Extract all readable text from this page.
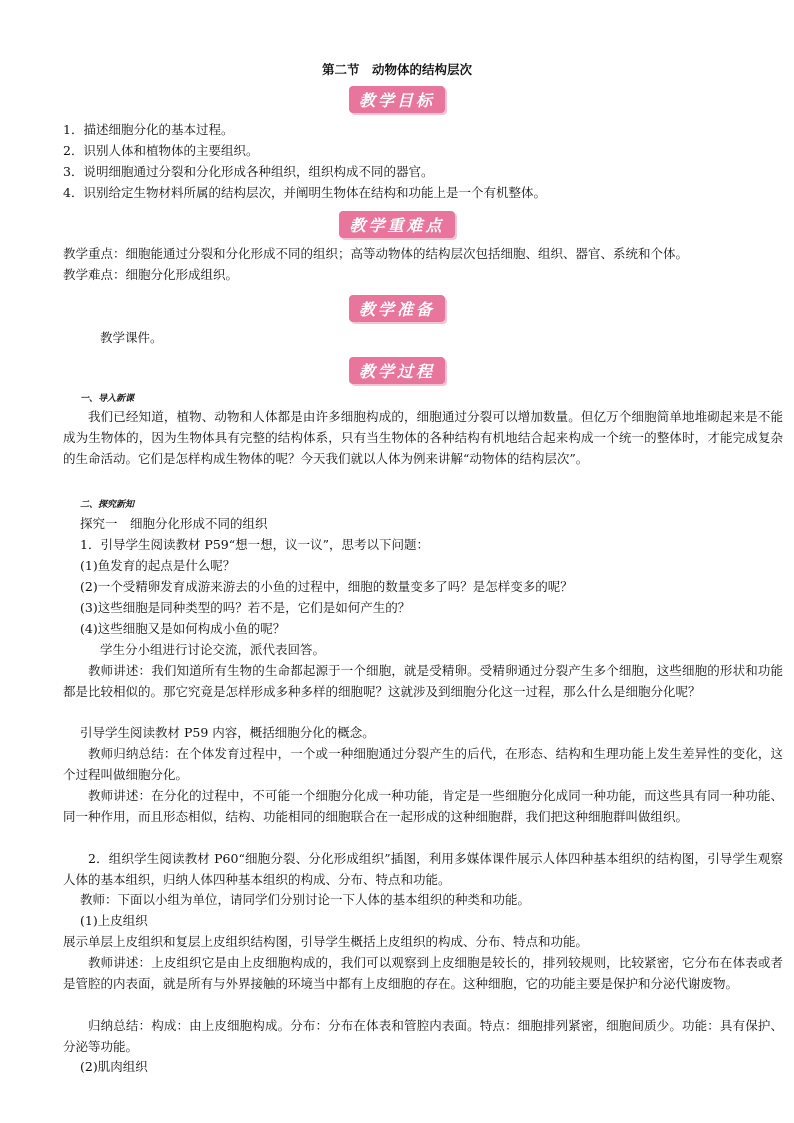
第二节　动物体的结构层次
教学目标
1．描述细胞分化的基本过程。
2．识别人体和植物体的主要组织。
3．说明细胞通过分裂和分化形成各种组织，组织构成不同的器官。
4．识别给定生物材料所属的结构层次，并阐明生物体在结构和功能上是一个有机整体。
教学重难点
教学重点：细胞能通过分裂和分化形成不同的组织；高等动物体的结构层次包括细胞、组织、器官、系统和个体。
教学难点：细胞分化形成组织。
教学准备
教学课件。
教学过程
一、导入新课
我们已经知道，植物、动物和人体都是由许多细胞构成的，细胞通过分裂可以增加数量。但亿万个细胞简单地堆砌起来是不能成为生物体的，因为生物体具有完整的结构体系，只有当生物体的各种结构有机地结合起来构成一个统一的整体时，才能完成复杂的生命活动。它们是怎样构成生物体的呢？今天我们就以人体为例来讲解“动物体的结构层次”。
二、探究新知
探究一　细胞分化形成不同的组织
1．引导学生阅读教材 P59“想一想，议一议”，思考以下问题：
(1)鱼发育的起点是什么呢？
(2)一个受精卵发育成游来游去的小鱼的过程中，细胞的数量变多了吗？是怎样变多的呢？
(3)这些细胞是同种类型的吗？若不是，它们是如何产生的？
(4)这些细胞又是如何构成小鱼的呢？
学生分小组进行讨论交流，派代表回答。
教师讲述：我们知道所有生物的生命都起源于一个细胞，就是受精卵。受精卵通过分裂产生多个细胞，这些细胞的形状和功能都是比较相似的。那它究竟是怎样形成多种多样的细胞呢？这就涉及到细胞分化这一过程，那么什么是细胞分化呢？
引导学生阅读教材 P59 内容，概括细胞分化的概念。
教师归纳总结：在个体发育过程中，一个或一种细胞通过分裂产生的后代，在形态、结构和生理功能上发生差异性的变化，这个过程叫做细胞分化。
教师讲述：在分化的过程中，不可能一个细胞分化成一种功能，肯定是一些细胞分化成同一种功能，而这些具有同一种功能、同一种作用，而且形态相似，结构、功能相同的细胞联合在一起形成的这种细胞群，我们把这种细胞群叫做组织。
2．组织学生阅读教材 P60“细胞分裂、分化形成组织”插图，利用多媒体课件展示人体四种基本组织的结构图，引导学生观察人体的基本组织，归纳人体四种基本组织的构成、分布、特点和功能。
教师：下面以小组为单位，请同学们分别讨论一下人体的基本组织的种类和功能。
(1)上皮组织
展示单层上皮组织和复层上皮组织结构图，引导学生概括上皮组织的构成、分布、特点和功能。
教师讲述：上皮组织它是由上皮细胞构成的，我们可以观察到上皮细胞是较长的，排列较规则，比较紧密，它分布在体表或者是管腔的内表面，就是所有与外界接触的环境当中都有上皮细胞的存在。这种细胞，它的功能主要是保护和分泌代谢废物。
归纳总结：构成：由上皮细胞构成。分布：分布在体表和管腔内表面。特点：细胞排列紧密，细胞间质少。功能：具有保护、分泌等功能。
(2)肌肉组织
